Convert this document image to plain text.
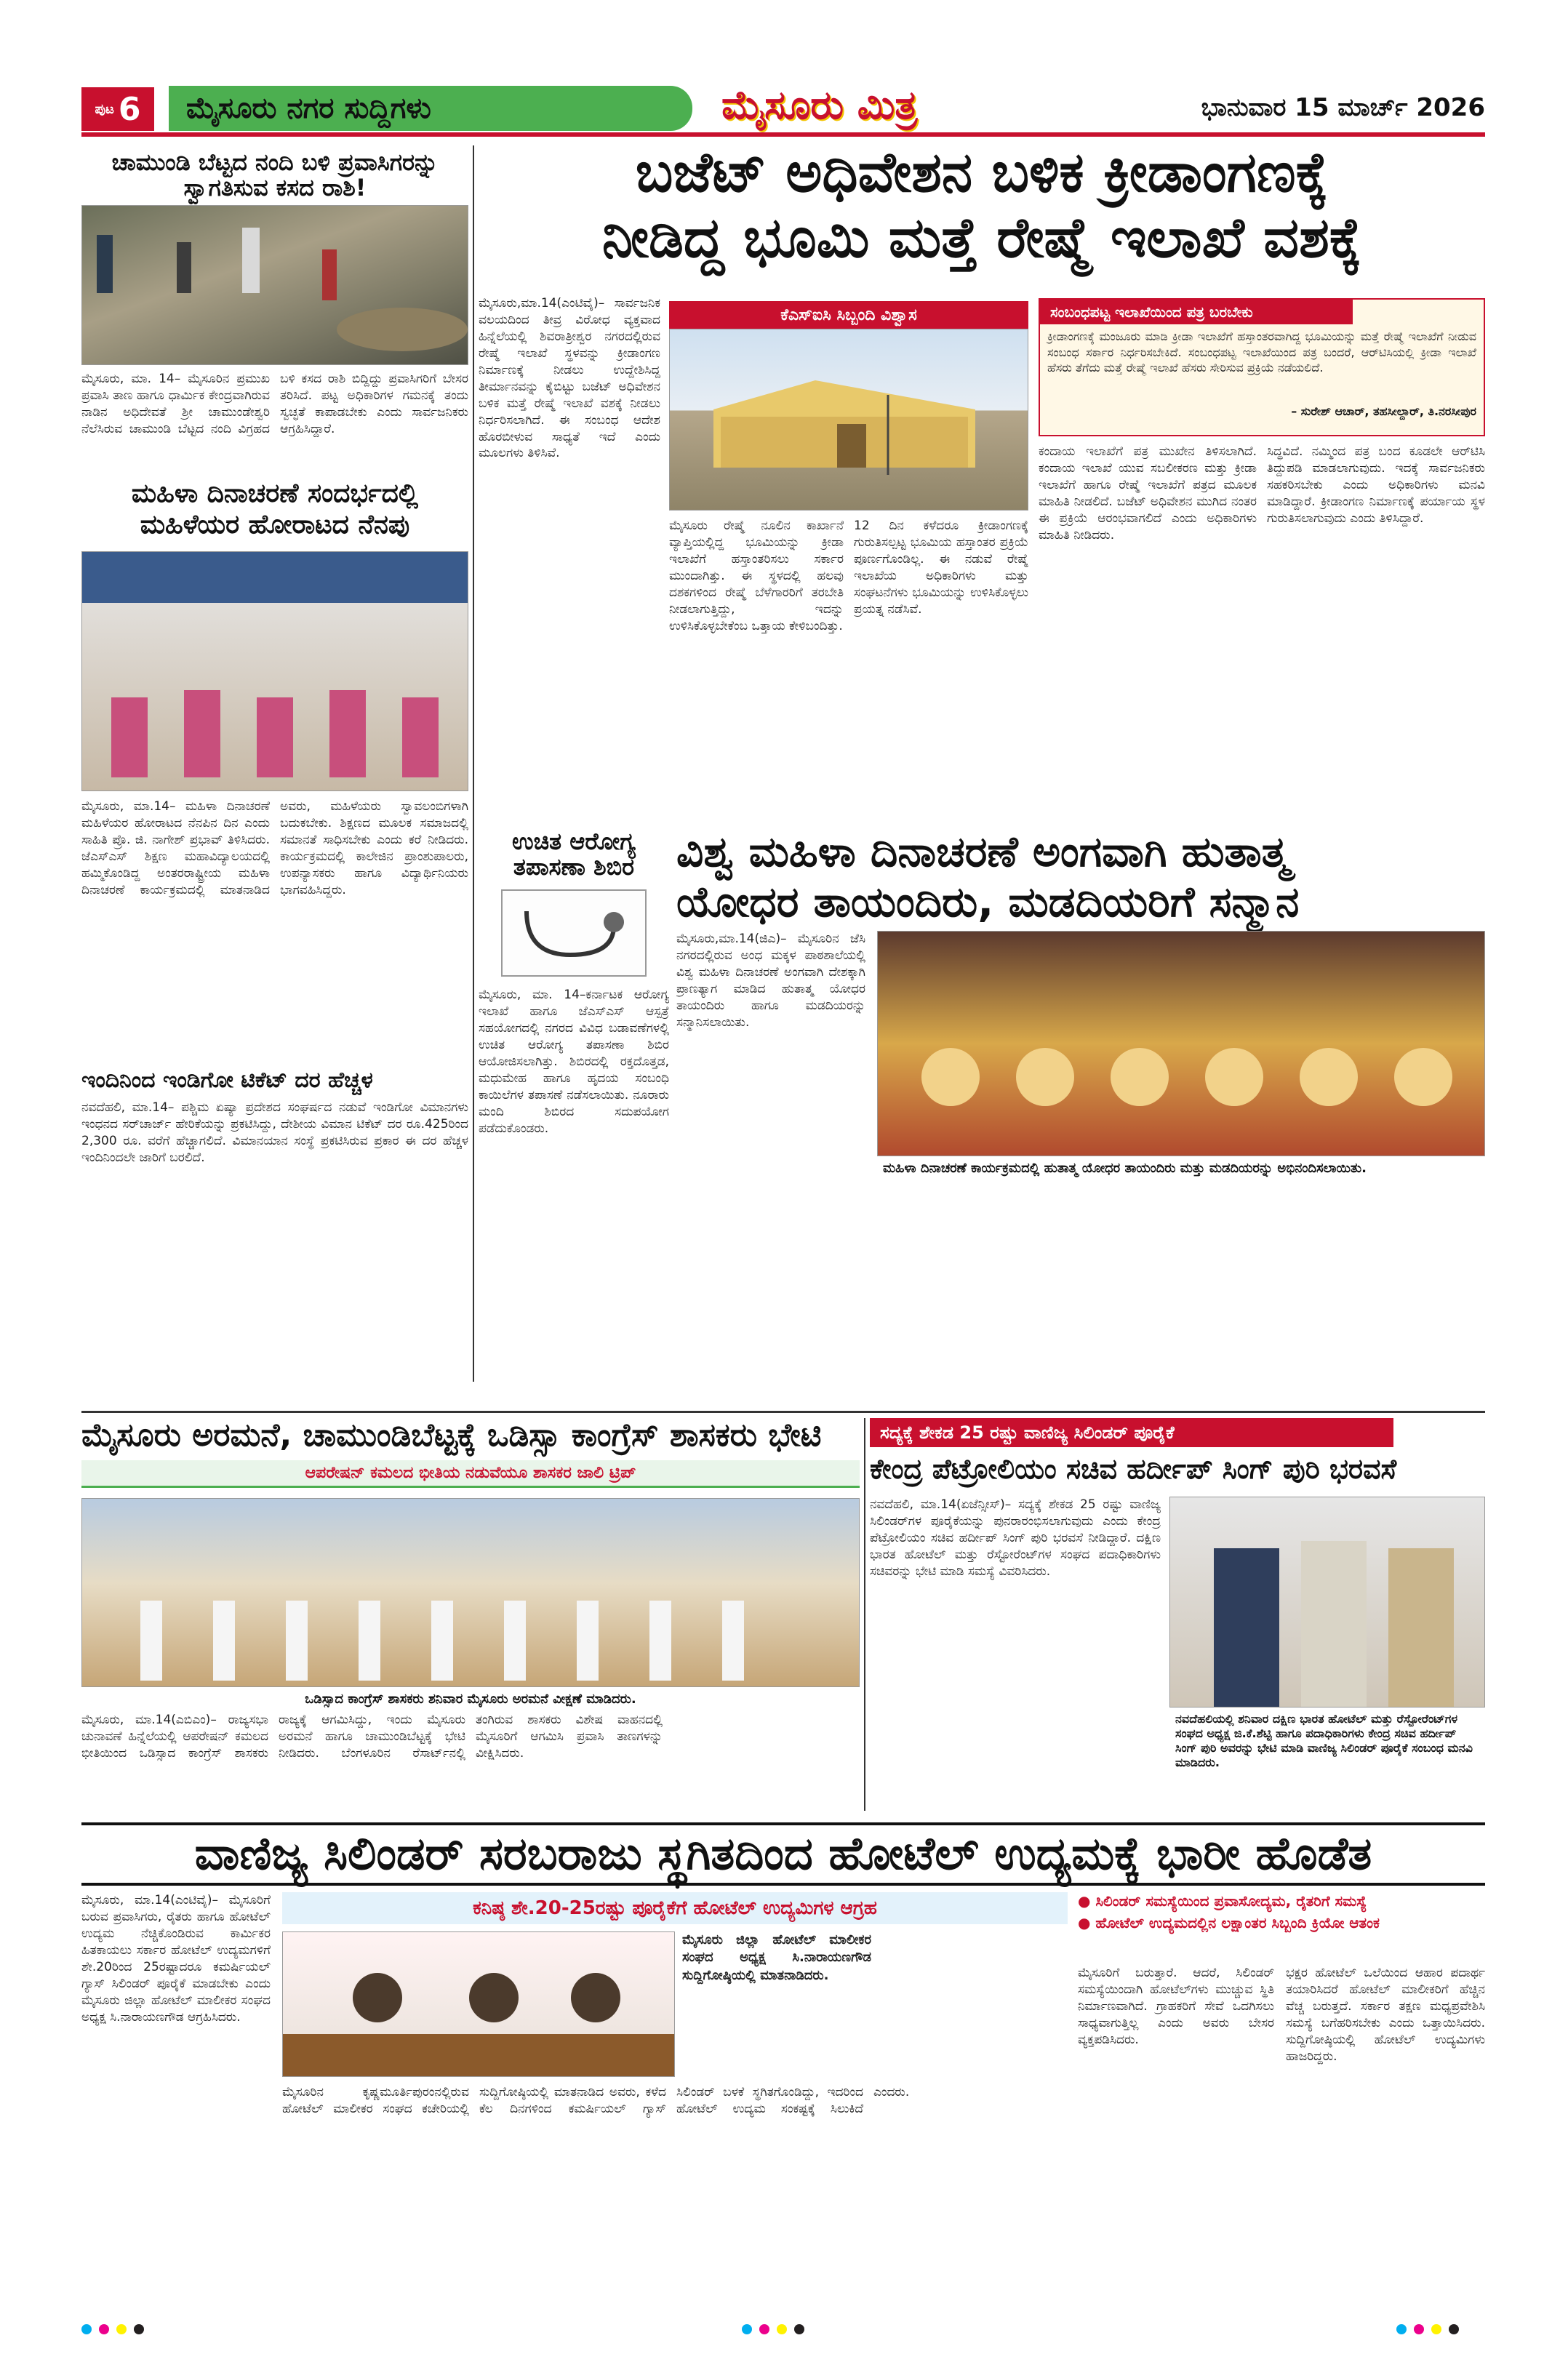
ಪುಟ 6	ಮೈಸೂರು ನಗರ ಸುದ್ದಿಗಳು	ಮೈಸೂರು ಮಿತ್ರ	ಭಾನುವಾರ 15 ಮಾರ್ಚ್ 2026
ಚಾಮುಂಡಿ ಬೆಟ್ಟದ ನಂದಿ ಬಳಿ ಪ್ರವಾಸಿಗರನ್ನು ಸ್ವಾಗತಿಸುವ ಕಸದ ರಾಶಿ!
ಮೈಸೂರು, ಮಾ. 14– ಮೈಸೂರಿನ ಪ್ರಮುಖ ಪ್ರವಾಸಿ ತಾಣ ಹಾಗೂ ಧಾರ್ಮಿಕ ಕೇಂದ್ರವಾಗಿರುವ ನಾಡಿನ ಅಧಿದೇವತೆ ಶ್ರೀ ಚಾಮುಂಡೇಶ್ವರಿ ನೆಲೆಸಿರುವ ಚಾಮುಂಡಿ ಬೆಟ್ಟದ ನಂದಿ ವಿಗ್ರಹದ ಬಳಿ ಕಸದ ರಾಶಿ ಬಿದ್ದಿದ್ದು ಪ್ರವಾಸಿಗರಿಗೆ ಬೇಸರ ತರಿಸಿದೆ. ಪಟ್ಟ ಅಧಿಕಾರಿಗಳ ಗಮನಕ್ಕೆ ತಂದು ಸ್ವಚ್ಛತೆ ಕಾಪಾಡಬೇಕು ಎಂದು ಸಾರ್ವಜನಿಕರು ಆಗ್ರಹಿಸಿದ್ದಾರೆ.
ಬಜೆಟ್ ಅಧಿವೇಶನ ಬಳಿಕ ಕ್ರೀಡಾಂಗಣಕ್ಕೆ
ನೀಡಿದ್ದ ಭೂಮಿ ಮತ್ತೆ ರೇಷ್ಮೆ ಇಲಾಖೆ ವಶಕ್ಕೆ
ಮೈಸೂರು,ಮಾ.14(ಎಂಟಿವೈ)– ಸಾರ್ವಜನಿಕ ವಲಯದಿಂದ ತೀವ್ರ ವಿರೋಧ ವ್ಯಕ್ತವಾದ ಹಿನ್ನೆಲೆಯಲ್ಲಿ ಶಿವರಾತ್ರೀಶ್ವರ ನಗರದಲ್ಲಿರುವ ರೇಷ್ಮೆ ಇಲಾಖೆ ಸ್ಥಳವನ್ನು ಕ್ರೀಡಾಂಗಣ ನಿರ್ಮಾಣಕ್ಕೆ ನೀಡಲು ಉದ್ದೇಶಿಸಿದ್ದ ತೀರ್ಮಾನವನ್ನು ಕೈಬಿಟ್ಟು ಬಜೆಟ್ ಅಧಿವೇಶನ ಬಳಿಕ ಮತ್ತೆ ರೇಷ್ಮೆ ಇಲಾಖೆ ವಶಕ್ಕೆ ನೀಡಲು ನಿರ್ಧರಿಸಲಾಗಿದೆ. ಈ ಸಂಬಂಧ ಆದೇಶ ಹೊರಬೀಳುವ ಸಾಧ್ಯತೆ ಇದೆ ಎಂದು ಮೂಲಗಳು ತಿಳಿಸಿವೆ.
ಕೆಎಸ್‌ಐಸಿ ಸಿಬ್ಬಂದಿ ವಿಶ್ವಾಸ
ಮೈಸೂರು ರೇಷ್ಮೆ ನೂಲಿನ ಕಾರ್ಖಾನೆ ವ್ಯಾಪ್ತಿಯಲ್ಲಿದ್ದ ಭೂಮಿಯನ್ನು ಕ್ರೀಡಾ ಇಲಾಖೆಗೆ ಹಸ್ತಾಂತರಿಸಲು ಸರ್ಕಾರ ಮುಂದಾಗಿತ್ತು. ಈ ಸ್ಥಳದಲ್ಲಿ ಹಲವು ದಶಕಗಳಿಂದ ರೇಷ್ಮೆ ಬೆಳೆಗಾರರಿಗೆ ತರಬೇತಿ ನೀಡಲಾಗುತ್ತಿದ್ದು, ಇದನ್ನು ಉಳಿಸಿಕೊಳ್ಳಬೇಕೆಂಬ ಒತ್ತಾಯ ಕೇಳಿಬಂದಿತ್ತು.
12 ದಿನ ಕಳೆದರೂ ಕ್ರೀಡಾಂಗಣಕ್ಕೆ ಗುರುತಿಸಲ್ಪಟ್ಟ ಭೂಮಿಯ ಹಸ್ತಾಂತರ ಪ್ರಕ್ರಿಯೆ ಪೂರ್ಣಗೊಂಡಿಲ್ಲ. ಈ ನಡುವೆ ರೇಷ್ಮೆ ಇಲಾಖೆಯ ಅಧಿಕಾರಿಗಳು ಮತ್ತು ಸಂಘಟನೆಗಳು ಭೂಮಿಯನ್ನು ಉಳಿಸಿಕೊಳ್ಳಲು ಪ್ರಯತ್ನ ನಡೆಸಿವೆ.
ಸಂಬಂಧಪಟ್ಟ ಇಲಾಖೆಯಿಂದ ಪತ್ರ ಬರಬೇಕು
ಕ್ರೀಡಾಂಗಣಕ್ಕೆ ಮಂಜೂರು ಮಾಡಿ ಕ್ರೀಡಾ ಇಲಾಖೆಗೆ ಹಸ್ತಾಂತರವಾಗಿದ್ದ ಭೂಮಿಯನ್ನು ಮತ್ತೆ ರೇಷ್ಮೆ ಇಲಾಖೆಗೆ ನೀಡುವ ಸಂಬಂಧ ಸರ್ಕಾರ ನಿರ್ಧರಿಸಬೇಕಿದೆ. ಸಂಬಂಧಪಟ್ಟ ಇಲಾಖೆಯಿಂದ ಪತ್ರ ಬಂದರೆ, ಆರ್‌ಟಿಸಿಯಲ್ಲಿ ಕ್ರೀಡಾ ಇಲಾಖೆ ಹೆಸರು ತೆಗೆದು ಮತ್ತೆ ರೇಷ್ಮೆ ಇಲಾಖೆ ಹೆಸರು ಸೇರಿಸುವ ಪ್ರಕ್ರಿಯೆ ನಡೆಯಲಿದೆ.
– ಸುರೇಶ್ ಆಚಾರ್, ತಹಸೀಲ್ದಾರ್, ತಿ.ನರಸೀಪುರ
ಕಂದಾಯ ಇಲಾಖೆಗೆ ಪತ್ರ ಮುಖೇನ ತಿಳಿಸಲಾಗಿದೆ. ಕಂದಾಯ ಇಲಾಖೆ ಯುವ ಸಬಲೀಕರಣ ಮತ್ತು ಕ್ರೀಡಾ ಇಲಾಖೆಗೆ ಹಾಗೂ ರೇಷ್ಮೆ ಇಲಾಖೆಗೆ ಪತ್ರದ ಮೂಲಕ ಮಾಹಿತಿ ನೀಡಲಿದೆ. ಬಜೆಟ್ ಅಧಿವೇಶನ ಮುಗಿದ ನಂತರ ಈ ಪ್ರಕ್ರಿಯೆ ಆರಂಭವಾಗಲಿದೆ ಎಂದು ಅಧಿಕಾರಿಗಳು ಮಾಹಿತಿ ನೀಡಿದರು.
ಸಿದ್ಧವಿದೆ. ನಮ್ಮಿಂದ ಪತ್ರ ಬಂದ ಕೂಡಲೇ ಆರ್‌ಟಿಸಿ ತಿದ್ದುಪಡಿ ಮಾಡಲಾಗುವುದು. ಇದಕ್ಕೆ ಸಾರ್ವಜನಿಕರು ಸಹಕರಿಸಬೇಕು ಎಂದು ಅಧಿಕಾರಿಗಳು ಮನವಿ ಮಾಡಿದ್ದಾರೆ. ಕ್ರೀಡಾಂಗಣ ನಿರ್ಮಾಣಕ್ಕೆ ಪರ್ಯಾಯ ಸ್ಥಳ ಗುರುತಿಸಲಾಗುವುದು ಎಂದು ತಿಳಿಸಿದ್ದಾರೆ.
ಮಹಿಳಾ ದಿನಾಚರಣೆ ಸಂದರ್ಭದಲ್ಲಿ
ಮಹಿಳೆಯರ ಹೋರಾಟದ ನೆನಪು
ಮೈಸೂರು, ಮಾ.14– ಮಹಿಳಾ ದಿನಾಚರಣೆ ಮಹಿಳೆಯರ ಹೋರಾಟದ ನೆನಪಿನ ದಿನ ಎಂದು ಸಾಹಿತಿ ಪ್ರೊ. ಜಿ. ನಾಗೇಶ್ ಪ್ರಭಾವ್ ತಿಳಿಸಿದರು. ಜೆಎಸ್‌ಎಸ್ ಶಿಕ್ಷಣ ಮಹಾವಿದ್ಯಾಲಯದಲ್ಲಿ ಹಮ್ಮಿಕೊಂಡಿದ್ದ ಅಂತರರಾಷ್ಟ್ರೀಯ ಮಹಿಳಾ ದಿನಾಚರಣೆ ಕಾರ್ಯಕ್ರಮದಲ್ಲಿ ಮಾತನಾಡಿದ ಅವರು, ಮಹಿಳೆಯರು ಸ್ವಾವಲಂಬಿಗಳಾಗಿ ಬದುಕಬೇಕು. ಶಿಕ್ಷಣದ ಮೂಲಕ ಸಮಾಜದಲ್ಲಿ ಸಮಾನತೆ ಸಾಧಿಸಬೇಕು ಎಂದು ಕರೆ ನೀಡಿದರು. ಕಾರ್ಯಕ್ರಮದಲ್ಲಿ ಕಾಲೇಜಿನ ಪ್ರಾಂಶುಪಾಲರು, ಉಪನ್ಯಾಸಕರು ಹಾಗೂ ವಿದ್ಯಾರ್ಥಿನಿಯರು ಭಾಗವಹಿಸಿದ್ದರು.
ಉಚಿತ ಆರೋಗ್ಯ
ತಪಾಸಣಾ ಶಿಬಿರ
ಮೈಸೂರು, ಮಾ. 14–ಕರ್ನಾಟಕ ಆರೋಗ್ಯ ಇಲಾಖೆ ಹಾಗೂ ಜೆಎಸ್‌ಎಸ್ ಆಸ್ಪತ್ರೆ ಸಹಯೋಗದಲ್ಲಿ ನಗರದ ವಿವಿಧ ಬಡಾವಣೆಗಳಲ್ಲಿ ಉಚಿತ ಆರೋಗ್ಯ ತಪಾಸಣಾ ಶಿಬಿರ ಆಯೋಜಿಸಲಾಗಿತ್ತು. ಶಿಬಿರದಲ್ಲಿ ರಕ್ತದೊತ್ತಡ, ಮಧುಮೇಹ ಹಾಗೂ ಹೃದಯ ಸಂಬಂಧಿ ಕಾಯಿಲೆಗಳ ತಪಾಸಣೆ ನಡೆಸಲಾಯಿತು. ನೂರಾರು ಮಂದಿ ಶಿಬಿರದ ಸದುಪಯೋಗ ಪಡೆದುಕೊಂಡರು.
ವಿಶ್ವ ಮಹಿಳಾ ದಿನಾಚರಣೆ ಅಂಗವಾಗಿ ಹುತಾತ್ಮ
ಯೋಧರ ತಾಯಂದಿರು, ಮಡದಿಯರಿಗೆ ಸನ್ಮಾನ
ಮೈಸೂರು,ಮಾ.14(ಜಿಎ)– ಮೈಸೂರಿನ ಜೆಸಿ ನಗರದಲ್ಲಿರುವ ಅಂಧ ಮಕ್ಕಳ ಪಾಠಶಾಲೆಯಲ್ಲಿ ವಿಶ್ವ ಮಹಿಳಾ ದಿನಾಚರಣೆ ಅಂಗವಾಗಿ ದೇಶಕ್ಕಾಗಿ ಪ್ರಾಣತ್ಯಾಗ ಮಾಡಿದ ಹುತಾತ್ಮ ಯೋಧರ ತಾಯಂದಿರು ಹಾಗೂ ಮಡದಿಯರನ್ನು ಸನ್ಮಾನಿಸಲಾಯಿತು.
ಮಹಿಳಾ ದಿನಾಚರಣೆ ಕಾರ್ಯಕ್ರಮದಲ್ಲಿ ಹುತಾತ್ಮ ಯೋಧರ ತಾಯಂದಿರು ಮತ್ತು ಮಡದಿಯರನ್ನು ಅಭಿನಂದಿಸಲಾಯಿತು.
ಇಂದಿನಿಂದ ಇಂಡಿಗೋ ಟಿಕೆಟ್ ದರ ಹೆಚ್ಚಳ
ನವದೆಹಲಿ, ಮಾ.14– ಪಶ್ಚಿಮ ಏಷ್ಯಾ ಪ್ರದೇಶದ ಸಂಘರ್ಷದ ನಡುವೆ ಇಂಡಿಗೋ ವಿಮಾನಗಳು ಇಂಧನದ ಸರ್‌ಚಾರ್ಜ್ ಹೇರಿಕೆಯನ್ನು ಪ್ರಕಟಿಸಿದ್ದು, ದೇಶೀಯ ವಿಮಾನ ಟಿಕೆಟ್ ದರ ರೂ.425ರಿಂದ 2,300 ರೂ. ವರೆಗೆ ಹೆಚ್ಚಾಗಲಿದೆ. ವಿಮಾನಯಾನ ಸಂಸ್ಥೆ ಪ್ರಕಟಿಸಿರುವ ಪ್ರಕಾರ ಈ ದರ ಹೆಚ್ಚಳ ಇಂದಿನಿಂದಲೇ ಜಾರಿಗೆ ಬರಲಿದೆ.
ಮೈಸೂರು ಅರಮನೆ, ಚಾಮುಂಡಿಬೆಟ್ಟಕ್ಕೆ ಒಡಿಸ್ಸಾ ಕಾಂಗ್ರೆಸ್ ಶಾಸಕರು ಭೇಟಿ
ಆಪರೇಷನ್ ಕಮಲದ ಭೀತಿಯ ನಡುವೆಯೂ ಶಾಸಕರ ಜಾಲಿ ಟ್ರಿಪ್
ಒಡಿಸ್ಸಾದ ಕಾಂಗ್ರೆಸ್ ಶಾಸಕರು ಶನಿವಾರ ಮೈಸೂರು ಅರಮನೆ ವೀಕ್ಷಣೆ ಮಾಡಿದರು.
ಮೈಸೂರು, ಮಾ.14(ಎಬಿಎಂ)– ರಾಜ್ಯಸಭಾ ಚುನಾವಣೆ ಹಿನ್ನೆಲೆಯಲ್ಲಿ ಆಪರೇಷನ್ ಕಮಲದ ಭೀತಿಯಿಂದ ಒಡಿಸ್ಸಾದ ಕಾಂಗ್ರೆಸ್ ಶಾಸಕರು ರಾಜ್ಯಕ್ಕೆ ಆಗಮಿಸಿದ್ದು, ಇಂದು ಮೈಸೂರು ಅರಮನೆ ಹಾಗೂ ಚಾಮುಂಡಿಬೆಟ್ಟಕ್ಕೆ ಭೇಟಿ ನೀಡಿದರು. ಬೆಂಗಳೂರಿನ ರೆಸಾರ್ಟ್‌ನಲ್ಲಿ ತಂಗಿರುವ ಶಾಸಕರು ವಿಶೇಷ ವಾಹನದಲ್ಲಿ ಮೈಸೂರಿಗೆ ಆಗಮಿಸಿ ಪ್ರವಾಸಿ ತಾಣಗಳನ್ನು ವೀಕ್ಷಿಸಿದರು.
ಸದ್ಯಕ್ಕೆ ಶೇಕಡ 25 ರಷ್ಟು ವಾಣಿಜ್ಯ ಸಿಲಿಂಡರ್ ಪೂರೈಕೆ
ಕೇಂದ್ರ ಪೆಟ್ರೋಲಿಯಂ ಸಚಿವ ಹರ್ದೀಪ್ ಸಿಂಗ್ ಪುರಿ ಭರವಸೆ
ನವದೆಹಲಿ, ಮಾ.14(ಏಜೆನ್ಸೀಸ್)– ಸದ್ಯಕ್ಕೆ ಶೇಕಡ 25 ರಷ್ಟು ವಾಣಿಜ್ಯ ಸಿಲಿಂಡರ್‌ಗಳ ಪೂರೈಕೆಯನ್ನು ಪುನರಾರಂಭಿಸಲಾಗುವುದು ಎಂದು ಕೇಂದ್ರ ಪೆಟ್ರೋಲಿಯಂ ಸಚಿವ ಹರ್ದೀಪ್ ಸಿಂಗ್ ಪುರಿ ಭರವಸೆ ನೀಡಿದ್ದಾರೆ. ದಕ್ಷಿಣ ಭಾರತ ಹೋಟೆಲ್ ಮತ್ತು ರೆಸ್ಟೋರೆಂಟ್‌ಗಳ ಸಂಘದ ಪದಾಧಿಕಾರಿಗಳು ಸಚಿವರನ್ನು ಭೇಟಿ ಮಾಡಿ ಸಮಸ್ಯೆ ವಿವರಿಸಿದರು.
ನವದೆಹಲಿಯಲ್ಲಿ ಶನಿವಾರ ದಕ್ಷಿಣ ಭಾರತ ಹೋಟೆಲ್ ಮತ್ತು ರೆಸ್ಟೋರೆಂಟ್‌ಗಳ ಸಂಘದ ಅಧ್ಯಕ್ಷ ಜಿ.ಕೆ.ಶೆಟ್ಟಿ ಹಾಗೂ ಪದಾಧಿಕಾರಿಗಳು ಕೇಂದ್ರ ಸಚಿವ ಹರ್ದೀಪ್ ಸಿಂಗ್ ಪುರಿ ಅವರನ್ನು ಭೇಟಿ ಮಾಡಿ ವಾಣಿಜ್ಯ ಸಿಲಿಂಡರ್ ಪೂರೈಕೆ ಸಂಬಂಧ ಮನವಿ ಮಾಡಿದರು.
ವಾಣಿಜ್ಯ ಸಿಲಿಂಡರ್ ಸರಬರಾಜು ಸ್ಥಗಿತದಿಂದ ಹೋಟೆಲ್ ಉದ್ಯಮಕ್ಕೆ ಭಾರೀ ಹೊಡೆತ
ಮೈಸೂರು, ಮಾ.14(ಎಂಟಿವೈ)– ಮೈಸೂರಿಗೆ ಬರುವ ಪ್ರವಾಸಿಗರು, ರೈತರು ಹಾಗೂ ಹೋಟೆಲ್ ಉದ್ಯಮ ನೆಚ್ಚಿಕೊಂಡಿರುವ ಕಾರ್ಮಿಕರ ಹಿತಕಾಯಲು ಸರ್ಕಾರ ಹೋಟೆಲ್ ಉದ್ಯಮಗಳಿಗೆ ಶೇ.20ರಿಂದ 25ರಷ್ಟಾದರೂ ಕಮರ್ಷಿಯಲ್ ಗ್ಯಾಸ್ ಸಿಲಿಂಡರ್ ಪೂರೈಕೆ ಮಾಡಬೇಕು ಎಂದು ಮೈಸೂರು ಜಿಲ್ಲಾ ಹೋಟೆಲ್ ಮಾಲೀಕರ ಸಂಘದ ಅಧ್ಯಕ್ಷ ಸಿ.ನಾರಾಯಣಗೌಡ ಆಗ್ರಹಿಸಿದರು.
ಕನಿಷ್ಠ ಶೇ.20-25ರಷ್ಟು ಪೂರೈಕೆಗೆ ಹೋಟೆಲ್ ಉದ್ಯಮಿಗಳ ಆಗ್ರಹ
ಮೈಸೂರು ಜಿಲ್ಲಾ ಹೋಟೆಲ್ ಮಾಲೀಕರ ಸಂಘದ ಅಧ್ಯಕ್ಷ ಸಿ.ನಾರಾಯಣಗೌಡ ಸುದ್ದಿಗೋಷ್ಠಿಯಲ್ಲಿ ಮಾತನಾಡಿದರು.
ಮೈಸೂರಿನ ಕೃಷ್ಣಮೂರ್ತಿಪುರಂನಲ್ಲಿರುವ ಹೋಟೆಲ್ ಮಾಲೀಕರ ಸಂಘದ ಕಚೇರಿಯಲ್ಲಿ ಸುದ್ದಿಗೋಷ್ಠಿಯಲ್ಲಿ ಮಾತನಾಡಿದ ಅವರು, ಕಳೆದ ಕೆಲ ದಿನಗಳಿಂದ ಕಮರ್ಷಿಯಲ್ ಗ್ಯಾಸ್ ಸಿಲಿಂಡರ್ ಬಳಕೆ ಸ್ಥಗಿತಗೊಂಡಿದ್ದು, ಇದರಿಂದ ಹೋಟೆಲ್ ಉದ್ಯಮ ಸಂಕಷ್ಟಕ್ಕೆ ಸಿಲುಕಿದೆ ಎಂದರು.
● ಸಿಲಿಂಡರ್ ಸಮಸ್ಯೆಯಿಂದ ಪ್ರವಾಸೋದ್ಯಮ, ರೈತರಿಗೆ ಸಮಸ್ಯೆ
● ಹೋಟೆಲ್ ಉದ್ಯಮದಲ್ಲಿನ ಲಕ್ಷಾಂತರ ಸಿಬ್ಬಂದಿ ಕ್ರಿಯೋ ಆತಂಕ
ಮೈಸೂರಿಗೆ ಬರುತ್ತಾರೆ. ಆದರೆ, ಸಿಲಿಂಡರ್ ಸಮಸ್ಯೆಯಿಂದಾಗಿ ಹೋಟೆಲ್‌ಗಳು ಮುಚ್ಚುವ ಸ್ಥಿತಿ ನಿರ್ಮಾಣವಾಗಿದೆ. ಗ್ರಾಹಕರಿಗೆ ಸೇವೆ ಒದಗಿಸಲು ಸಾಧ್ಯವಾಗುತ್ತಿಲ್ಲ ಎಂದು ಅವರು ಬೇಸರ ವ್ಯಕ್ತಪಡಿಸಿದರು.
ಭಕ್ಷರ ಹೋಟೆಲ್ ಒಲೆಯಿಂದ ಆಹಾರ ಪದಾರ್ಥ ತಯಾರಿಸಿದರೆ ಹೋಟೆಲ್ ಮಾಲೀಕರಿಗೆ ಹೆಚ್ಚಿನ ವೆಚ್ಚ ಬರುತ್ತದೆ. ಸರ್ಕಾರ ತಕ್ಷಣ ಮಧ್ಯಪ್ರವೇಶಿಸಿ ಸಮಸ್ಯೆ ಬಗೆಹರಿಸಬೇಕು ಎಂದು ಒತ್ತಾಯಿಸಿದರು. ಸುದ್ದಿಗೋಷ್ಠಿಯಲ್ಲಿ ಹೋಟೆಲ್ ಉದ್ಯಮಿಗಳು ಹಾಜರಿದ್ದರು.
